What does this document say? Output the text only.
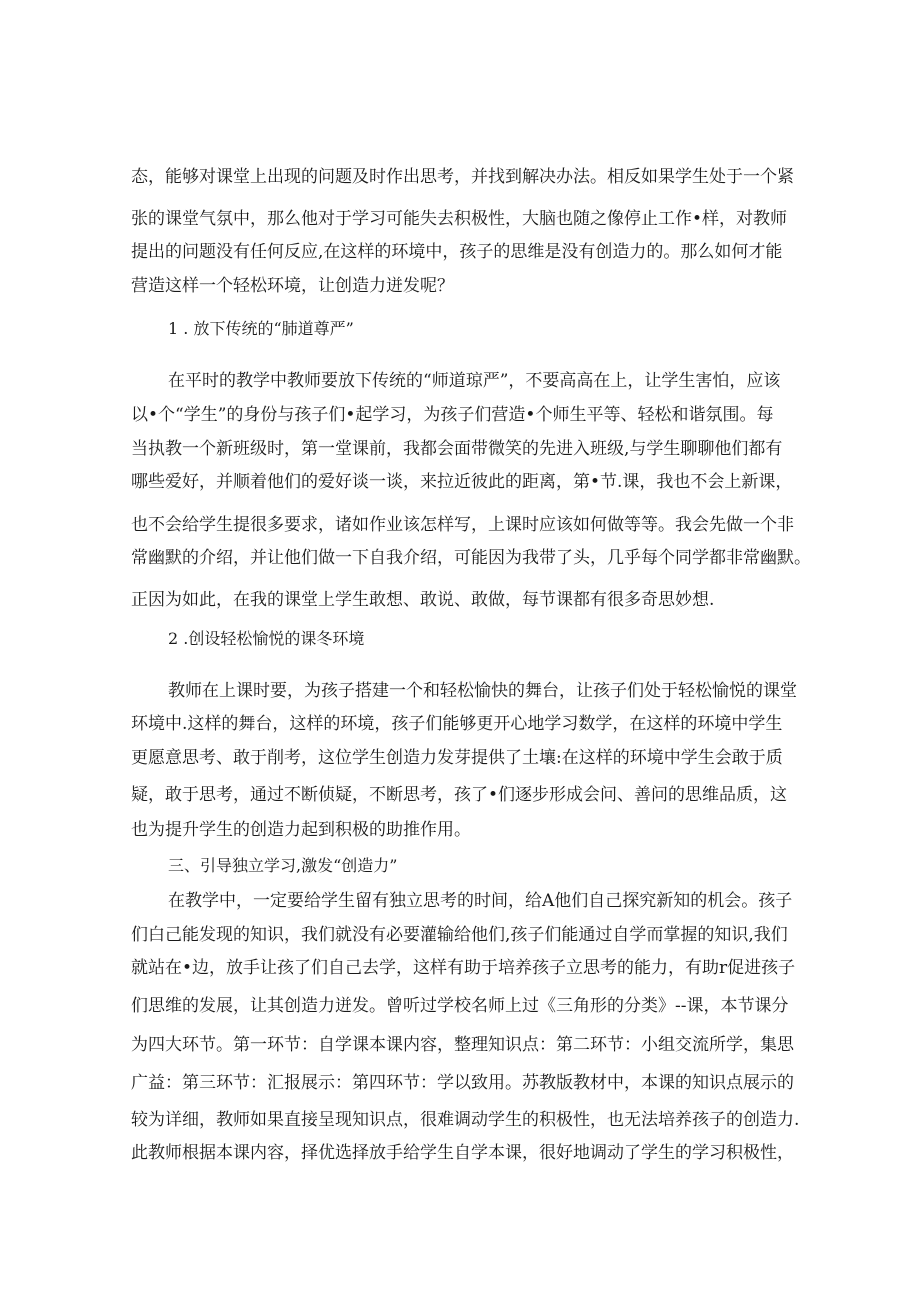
态，能够对课堂上出现的问题及时作出思考，并找到解决办法。相反如果学生处于一个紧
张的课堂气氛中，那么他对于学习可能失去积极性，大脑也随之像停止工作•样，对教师
提出的问题没有任何反应,在这样的环境中，孩子的思维是没有创造力的。那么如何才能
营造这样一个轻松环境，让创造力迸发呢？
1 . 放下传统的“肺道尊严”
在平时的教学中教师要放下传统的“师道琼严”，不要高高在上，让学生害怕，应该
以•个“学生”的身份与孩子们•起学习，为孩子们营造•个师生平等、轻松和谐氛围。每
当执教一个新班级时，第一堂课前，我都会面带微笑的先进入班级,与学生聊聊他们都有
哪些爱好，并顺着他们的爱好谈一谈，来拉近彼此的距离，第•节.课，我也不会上新课，
也不会给学生提很多要求，诸如作业该怎样写，上课时应该如何做等等。我会先做一个非
常幽默的介绍，并让他们做一下自我介绍，可能因为我带了头，几乎每个同学都非常幽默。
正因为如此，在我的课堂上学生敢想、敢说、敢做，每节课都有很多奇思妙想.
2 .创设轻松愉悦的课冬环境
教师在上课时要，为孩子搭建一个和轻松愉快的舞台，让孩子们处于轻松愉悦的课堂
环境中.这样的舞台，这样的环境，孩子们能够更开心地学习数学，在这样的环境中学生
更愿意思考、敢于削考，这位学生创造力发芽提供了土壤:在这样的环境中学生会敢于质
疑，敢于思考，通过不断侦疑，不断思考，孩了•们逐步形成会问、善问的思维品质，这
也为提升学生的创造力起到积极的助推作用。
三、引导独立学习,激发“创造力”
在教学中，一定要给学生留有独立思考的时间，给A他们自己探究新知的机会。孩子
们白己能发现的知识，我们就没有必要灌输给他们,孩子们能通过自学而掌握的知识,我们
就站在•边，放手让孩了们自己去学，这样有助于培养孩子立思考的能力，有助r促进孩子
们思维的发展，让其创造力迸发。曾听过学校名师上过《三角形的分类》--课，本节课分
为四大环节。第一环节：自学课本课内容，整理知识点：第二环节：小组交流所学，集思
广益：第三环节：汇报展示：第四环节：学以致用。苏教版教材中，本课的知识点展示的
较为详细，教师如果直接呈现知识点，很难调动学生的积极性，也无法培养孩子的创造力.
此教师根据本课内容，择优选择放手给学生自学本课，很好地调动了学生的学习积极性，
